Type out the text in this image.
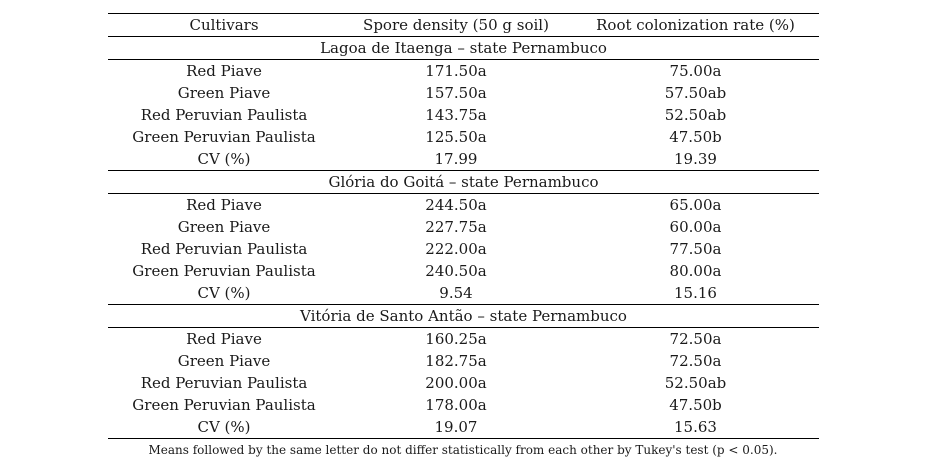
Cultivars	Spore density (50 g soil)	Root colonization rate (%)
Lagoa de Itaenga – state Pernambuco		
Red Piave	171.50a	75.00a
Green Piave	157.50a	57.50ab
Red Peruvian Paulista	143.75a	52.50ab
Green Peruvian Paulista	125.50a	47.50b
CV (%)	17.99	19.39
Glória do Goitá – state Pernambuco		
Red Piave	244.50a	65.00a
Green Piave	227.75a	60.00a
Red Peruvian Paulista	222.00a	77.50a
Green Peruvian Paulista	240.50a	80.00a
CV (%)	9.54	15.16
Vitória de Santo Antão – state Pernambuco		
Red Piave	160.25a	72.50a
Green Piave	182.75a	72.50a
Red Peruvian Paulista	200.00a	52.50ab
Green Peruvian Paulista	178.00a	47.50b
CV (%)	19.07	15.63
Means followed by the same letter do not differ statistically from each other by Tukey's test (p < 0.05).
